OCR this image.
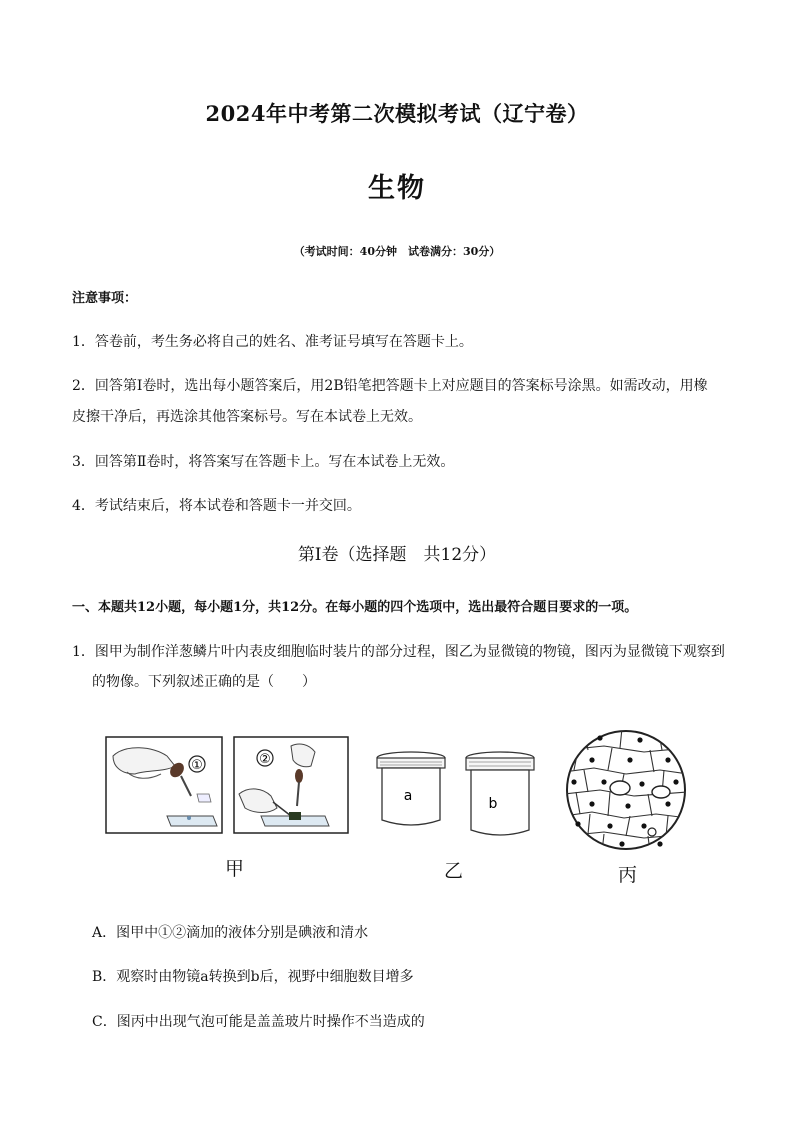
2024年中考第二次模拟考试（辽宁卷）
生物
（考试时间：40分钟　试卷满分：30分）
注意事项：
1．答卷前，考生务必将自己的姓名、准考证号填写在答题卡上。
2．回答第Ⅰ卷时，选出每小题答案后，用2B铅笔把答题卡上对应题目的答案标号涂黑。如需改动，用橡
皮擦干净后，再选涂其他答案标号。写在本试卷上无效。
3．回答第Ⅱ卷时，将答案写在答题卡上。写在本试卷上无效。
4．考试结束后，将本试卷和答题卡一并交回。
第Ⅰ卷（选择题　共12分）
一、本题共12小题，每小题1分，共12分。在每小题的四个选项中，选出最符合题目要求的一项。
1．图甲为制作洋葱鳞片叶内表皮细胞临时装片的部分过程，图乙为显微镜的物镜，图丙为显微镜下观察到
的物像。下列叙述正确的是（　　）
①	②
a	b
甲	乙	丙
A．图甲中①②滴加的液体分别是碘液和清水
B．观察时由物镜a转换到b后，视野中细胞数目增多
C．图丙中出现气泡可能是盖盖玻片时操作不当造成的
